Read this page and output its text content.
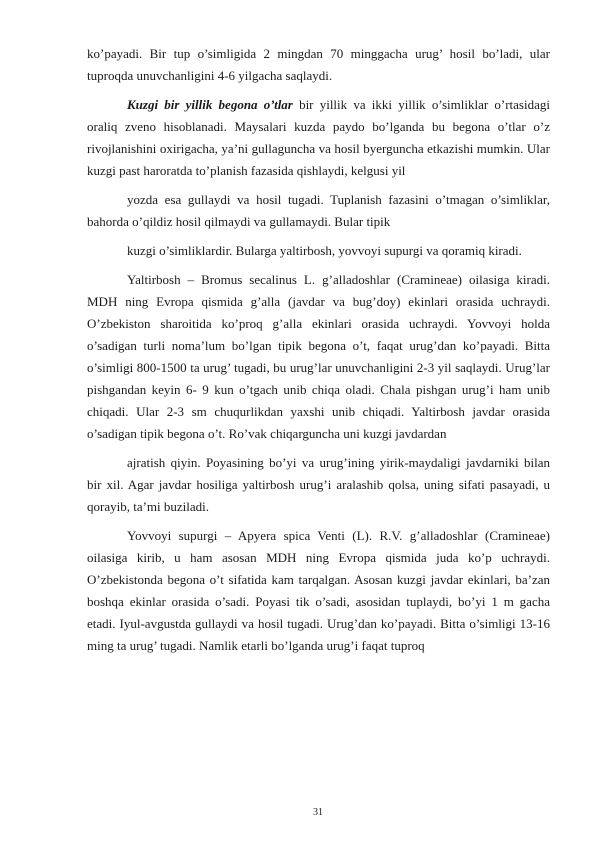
ko’payadi. Bir tup o’simligida 2 mingdan 70 minggacha urug’ hosil bo’ladi, ular tuproqda unuvchanligini 4-6 yilgacha saqlaydi.

Kuzgi bir yillik begona o’tlar bir yillik va ikki yillik o’simliklar o’rtasidagi oraliq zveno hisoblanadi. Maysalari kuzda paydo bo’lganda bu begona o’tlar o’z rivojlanishini oxirigacha, ya’ni gullaguncha va hosil byerguncha etkazishi mumkin. Ular kuzgi past haroratda to’planish fazasida qishlaydi, kelgusi yil

yozda esa gullaydi va hosil tugadi. Tuplanish fazasini o’tmagan o’simliklar, bahorda o’qildiz hosil qilmaydi va gullamaydi. Bular tipik

kuzgi o’simliklardir. Bularga yaltirbosh, yovvoyi supurgi va qoramiq kiradi.

Yaltirbosh – Bromus secalinus L. g’alladoshlar (Cramineae) oilasiga kiradi. MDH ning Evropa qismida g’alla (javdar va bug’doy) ekinlari orasida uchraydi. O’zbekiston sharoitida ko’proq g’alla ekinlari orasida uchraydi. Yovvoyi holda o’sadigan turli noma’lum bo’lgan tipik begona o’t, faqat urug’dan ko’payadi. Bitta o’simligi 800-1500 ta urug’ tugadi, bu urug’lar unuvchanligini 2-3 yil saqlaydi. Urug’lar pishgandan keyin 6- 9 kun o’tgach unib chiqa oladi. Chala pishgan urug’i ham unib chiqadi. Ular 2-3 sm chuqurlikdan yaxshi unib chiqadi. Yaltirbosh javdar orasida o’sadigan tipik begona o’t. Ro’vak chiqarguncha uni kuzgi javdardan

ajratish qiyin. Poyasining bo’yi va urug’ining yirik-maydaligi javdarniki bilan bir xil. Agar javdar hosiliga yaltirbosh urug’i aralashib qolsa, uning sifati pasayadi, u qorayib, ta’mi buziladi.

Yovvoyi supurgi – Apyera spica Venti (L). R.V. g’alladoshlar (Cramineae) oilasiga kirib, u ham asosan MDH ning Evropa qismida juda ko’p uchraydi. O’zbekistonda begona o’t sifatida kam tarqalgan. Asosan kuzgi javdar ekinlari, ba’zan boshqa ekinlar orasida o’sadi. Poyasi tik o’sadi, asosidan tuplaydi, bo’yi 1 m gacha etadi. Iyul-avgustda gullaydi va hosil tugadi. Urug’dan ko’payadi. Bitta o’simligi 13-16 ming ta urug’ tugadi. Namlik etarli bo’lganda urug’i faqat tuproq

31
